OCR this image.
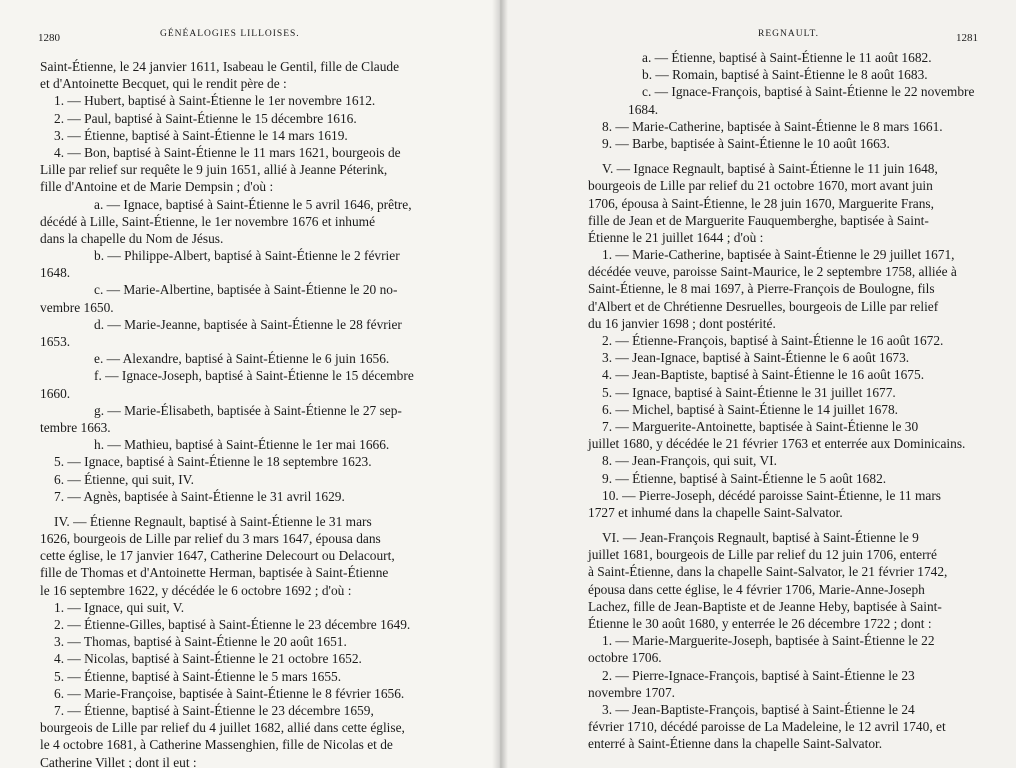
1280	GÉNÉALOGIES LILLOISES.
Saint-Étienne, le 24 janvier 1611, Isabeau le Gentil, fille de Claude
et d'Antoinette Becquet, qui le rendit père de :
1. — Hubert, baptisé à Saint-Étienne le 1er novembre 1612.
2. — Paul, baptisé à Saint-Étienne le 15 décembre 1616.
3. — Étienne, baptisé à Saint-Étienne le 14 mars 1619.
4. — Bon, baptisé à Saint-Étienne le 11 mars 1621, bourgeois de
Lille par relief sur requête le 9 juin 1651, allié à Jeanne Péterink,
fille d'Antoine et de Marie Dempsin ; d'où :
a. — Ignace, baptisé à Saint-Étienne le 5 avril 1646, prêtre,
décédé à Lille, Saint-Étienne, le 1er novembre 1676 et inhumé
dans la chapelle du Nom de Jésus.
b. — Philippe-Albert, baptisé à Saint-Étienne le 2 février
1648.
c. — Marie-Albertine, baptisée à Saint-Étienne le 20 no-
vembre 1650.
d. — Marie-Jeanne, baptisée à Saint-Étienne le 28 février
1653.
e. — Alexandre, baptisé à Saint-Étienne le 6 juin 1656.
f. — Ignace-Joseph, baptisé à Saint-Étienne le 15 décembre
1660.
g. — Marie-Élisabeth, baptisée à Saint-Étienne le 27 sep-
tembre 1663.
h. — Mathieu, baptisé à Saint-Étienne le 1er mai 1666.
5. — Ignace, baptisé à Saint-Étienne le 18 septembre 1623.
6. — Étienne, qui suit, IV.
7. — Agnès, baptisée à Saint-Étienne le 31 avril 1629.
IV. — Étienne Regnault, baptisé à Saint-Étienne le 31 mars
1626, bourgeois de Lille par relief du 3 mars 1647, épousa dans
cette église, le 17 janvier 1647, Catherine Delecourt ou Delacourt,
fille de Thomas et d'Antoinette Herman, baptisée à Saint-Étienne
le 16 septembre 1622, y décédée le 6 octobre 1692 ; d'où :
1. — Ignace, qui suit, V.
2. — Étienne-Gilles, baptisé à Saint-Étienne le 23 décembre 1649.
3. — Thomas, baptisé à Saint-Étienne le 20 août 1651.
4. — Nicolas, baptisé à Saint-Étienne le 21 octobre 1652.
5. — Étienne, baptisé à Saint-Étienne le 5 mars 1655.
6. — Marie-Françoise, baptisée à Saint-Étienne le 8 février 1656.
7. — Étienne, baptisé à Saint-Étienne le 23 décembre 1659,
bourgeois de Lille par relief du 4 juillet 1682, allié dans cette église,
le 4 octobre 1681, à Catherine Massenghien, fille de Nicolas et de
Catherine Villet ; dont il eut :
REGNAULT.	1281
a. — Étienne, baptisé à Saint-Étienne le 11 août 1682.
b. — Romain, baptisé à Saint-Étienne le 8 août 1683.
c. — Ignace-François, baptisé à Saint-Étienne le 22 novembre
1684.
8. — Marie-Catherine, baptisée à Saint-Étienne le 8 mars 1661.
9. — Barbe, baptisée à Saint-Étienne le 10 août 1663.
V. — Ignace Regnault, baptisé à Saint-Étienne le 11 juin 1648,
bourgeois de Lille par relief du 21 octobre 1670, mort avant juin
1706, épousa à Saint-Étienne, le 28 juin 1670, Marguerite Frans,
fille de Jean et de Marguerite Fauquemberghe, baptisée à Saint-
Étienne le 21 juillet 1644 ; d'où :
1. — Marie-Catherine, baptisée à Saint-Étienne le 29 juillet 1671,
décédée veuve, paroisse Saint-Maurice, le 2 septembre 1758, alliée à
Saint-Étienne, le 8 mai 1697, à Pierre-François de Boulogne, fils
d'Albert et de Chrétienne Desruelles, bourgeois de Lille par relief
du 16 janvier 1698 ; dont postérité.
2. — Étienne-François, baptisé à Saint-Étienne le 16 août 1672.
3. — Jean-Ignace, baptisé à Saint-Étienne le 6 août 1673.
4. — Jean-Baptiste, baptisé à Saint-Étienne le 16 août 1675.
5. — Ignace, baptisé à Saint-Étienne le 31 juillet 1677.
6. — Michel, baptisé à Saint-Étienne le 14 juillet 1678.
7. — Marguerite-Antoinette, baptisée à Saint-Étienne le 30
juillet 1680, y décédée le 21 février 1763 et enterrée aux Dominicains.
8. — Jean-François, qui suit, VI.
9. — Étienne, baptisé à Saint-Étienne le 5 août 1682.
10. — Pierre-Joseph, décédé paroisse Saint-Étienne, le 11 mars
1727 et inhumé dans la chapelle Saint-Salvator.
VI. — Jean-François Regnault, baptisé à Saint-Étienne le 9
juillet 1681, bourgeois de Lille par relief du 12 juin 1706, enterré
à Saint-Étienne, dans la chapelle Saint-Salvator, le 21 février 1742,
épousa dans cette église, le 4 février 1706, Marie-Anne-Joseph
Lachez, fille de Jean-Baptiste et de Jeanne Heby, baptisée à Saint-
Étienne le 30 août 1680, y enterrée le 26 décembre 1722 ; dont :
1. — Marie-Marguerite-Joseph, baptisée à Saint-Étienne le 22
octobre 1706.
2. — Pierre-Ignace-François, baptisé à Saint-Étienne le 23
novembre 1707.
3. — Jean-Baptiste-François, baptisé à Saint-Étienne le 24
février 1710, décédé paroisse de La Madeleine, le 12 avril 1740, et
enterré à Saint-Étienne dans la chapelle Saint-Salvator.
